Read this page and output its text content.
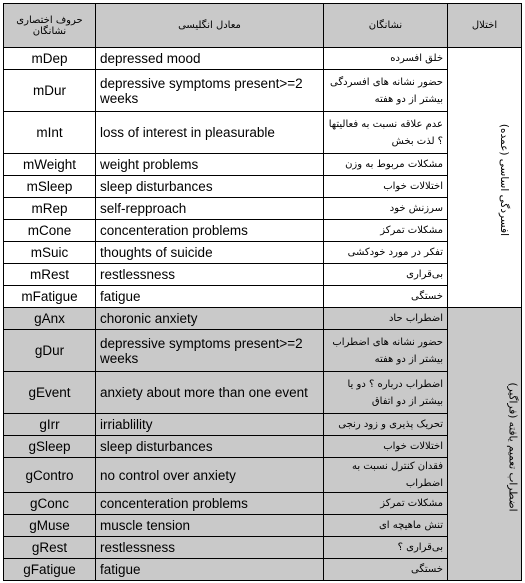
حروف اختصاری نشانگان	معادل انگلیسی	نشانگان	اختلال
mDep	depressed mood	خلق افسرده	افسردگی اساسی (عمده)
mDur	depressive symptoms present>=2 weeks	حضور نشانه های افسردگی بیشتر از دو هفته	
mInt	loss of interest in pleasurable	عدم علاقه نسبت به فعالیتها ؟ لذت بخش	
mWeight	weight problems	مشکلات مربوط به وزن	
mSleep	sleep disturbances	اختلالات خواب	
mRep	self-repproach	سرزنش خود	
mCone	concenteration problems	مشکلات تمرکز	
mSuic	thoughts of suicide	تفکر در مورد خودکشی	
mRest	restlessness	بی‌قراری	
mFatigue	fatigue	خستگی	
gAnx	choronic anxiety	اضطراب حاد	اضطراب تعمیم یافته (فراگیر)
gDur	depressive symptoms present>=2 weeks	حضور نشانه های اضطراب بیشتر از دو هفته	
gEvent	anxiety about more than one event	اضطراب درباره ؟ دو یا بیشتر از دو اتفاق	
gIrr	irriablility	تحریک پذیری و زود رنجی	
gSleep	sleep disturbances	اختلالات خواب	
gContro	no control over anxiety	فقدان کنترل نسبت به اضطراب	
gConc	concenteration problems	مشکلات تمرکز	
gMuse	muscle tension	تنش ماهیچه ای	
gRest	restlessness	بی‌قراری ؟	
gFatigue	fatigue	خستگی	
